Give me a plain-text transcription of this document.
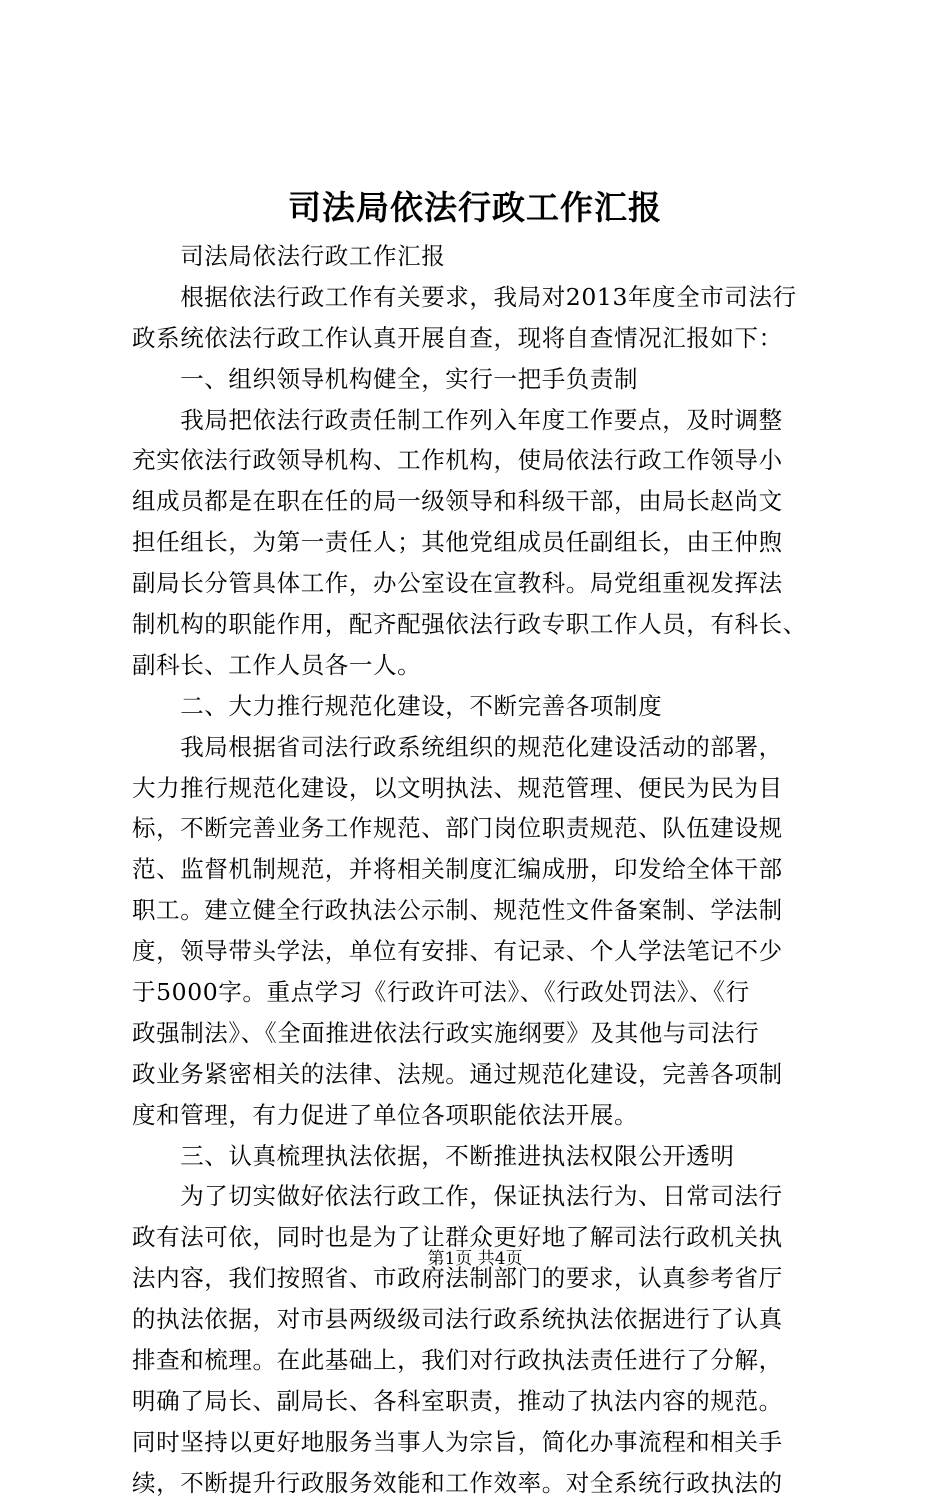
司法局依法行政工作汇报
　　司法局依法行政工作汇报
　　根据依法行政工作有关要求，我局对2013年度全市司法行
政系统依法行政工作认真开展自查，现将自查情况汇报如下：
　　一、组织领导机构健全，实行一把手负责制
　　我局把依法行政责任制工作列入年度工作要点，及时调整
充实依法行政领导机构、工作机构，使局依法行政工作领导小
组成员都是在职在任的局一级领导和科级干部，由局长赵尚文
担任组长，为第一责任人；其他党组成员任副组长，由王仲煦
副局长分管具体工作，办公室设在宣教科。局党组重视发挥法
制机构的职能作用，配齐配强依法行政专职工作人员，有科长、
副科长、工作人员各一人。
　　二、大力推行规范化建设，不断完善各项制度
　　我局根据省司法行政系统组织的规范化建设活动的部署，
大力推行规范化建设，以文明执法、规范管理、便民为民为目
标，不断完善业务工作规范、部门岗位职责规范、队伍建设规
范、监督机制规范，并将相关制度汇编成册，印发给全体干部
职工。建立健全行政执法公示制、规范性文件备案制、学法制
度，领导带头学法，单位有安排、有记录、个人学法笔记不少
于5000字。重点学习《行政许可法》、《行政处罚法》、《行
政强制法》、《全面推进依法行政实施纲要》及其他与司法行
政业务紧密相关的法律、法规。通过规范化建设，完善各项制
度和管理，有力促进了单位各项职能依法开展。
　　三、认真梳理执法依据，不断推进执法权限公开透明
　　为了切实做好依法行政工作，保证执法行为、日常司法行
政有法可依，同时也是为了让群众更好地了解司法行政机关执
法内容，我们按照省、市政府法制部门的要求，认真参考省厅
的执法依据，对市县两级级司法行政系统执法依据进行了认真
排查和梳理。在此基础上，我们对行政执法责任进行了分解，
明确了局长、副局长、各科室职责，推动了执法内容的规范。
同时坚持以更好地服务当事人为宗旨，简化办事流程和相关手
续，不断提升行政服务效能和工作效率。对全系统行政执法的
第1页 共4页
